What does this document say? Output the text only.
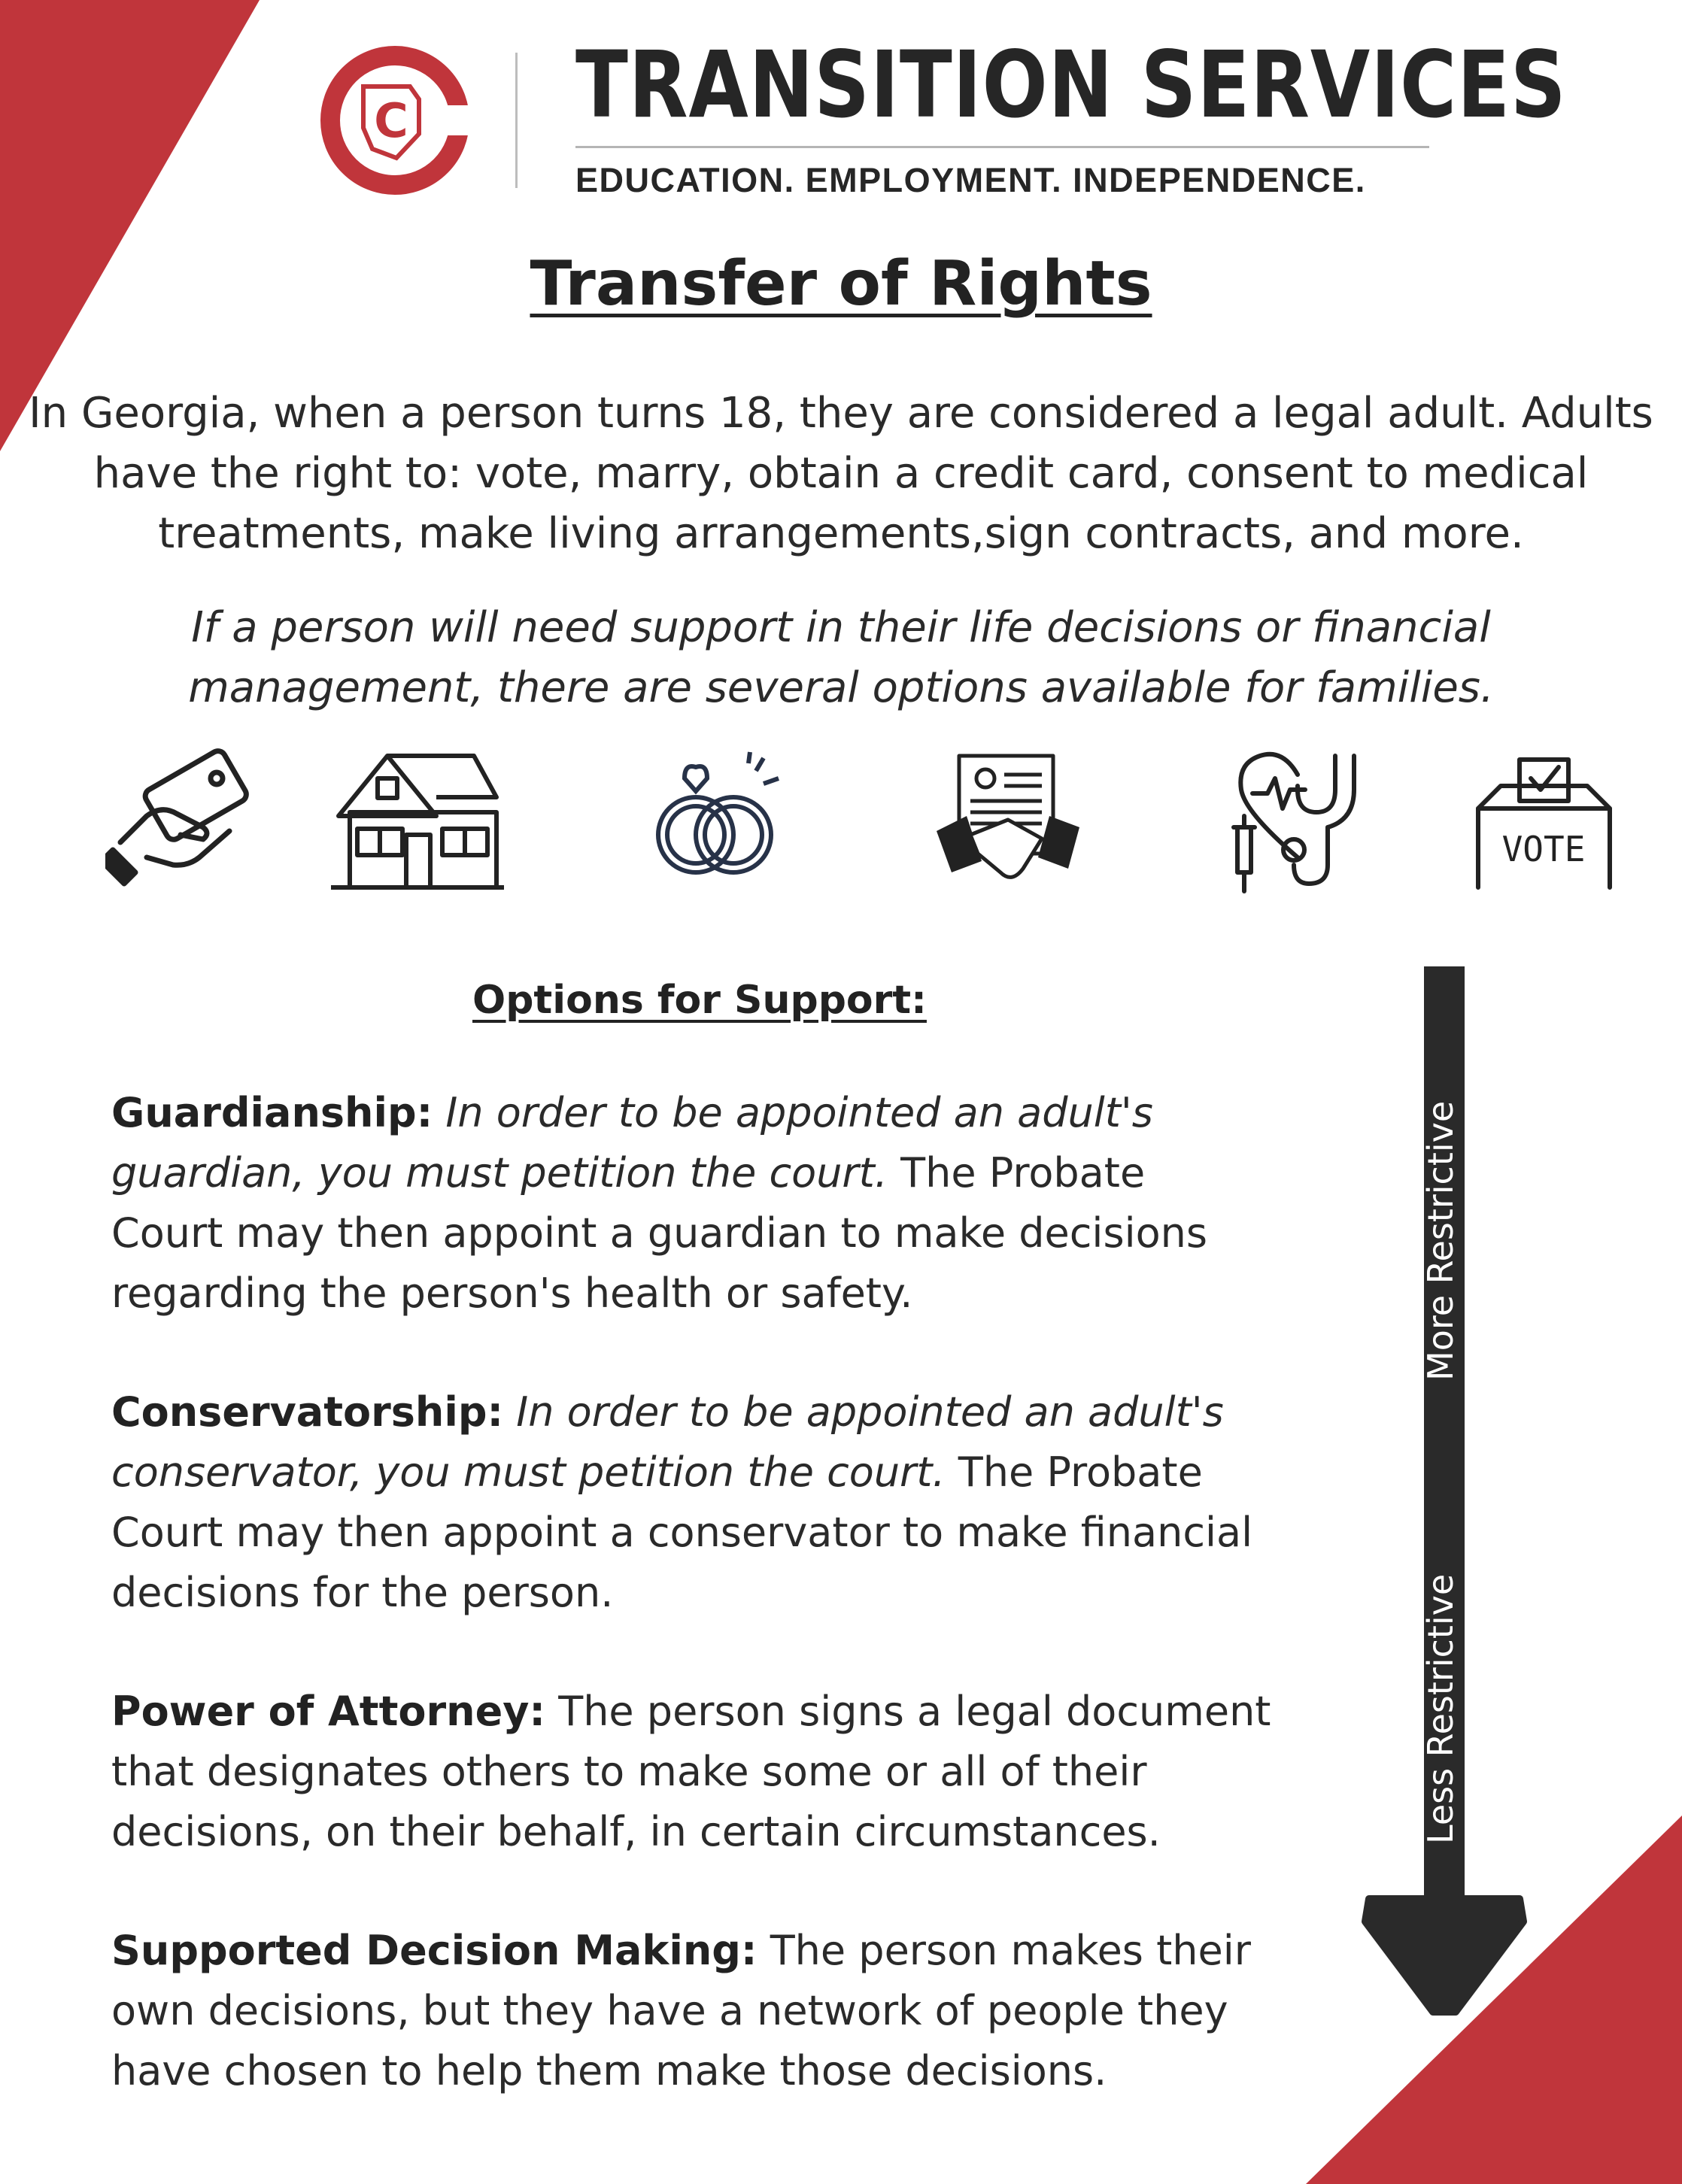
C TRANSITION SERVICES
EDUCATION. EMPLOYMENT. INDEPENDENCE.
Transfer of Rights
In Georgia, when a person turns 18, they are considered a legal adult. Adults
have the right to: vote, marry, obtain a credit card, consent to medical
treatments, make living arrangements,sign contracts, and more.
If a person will need support in their life decisions or financial
management, there are several options available for families.
VOTE
Options for Support:
Guardianship: In order to be appointed an adult's
guardian, you must petition the court. The Probate
Court may then appoint a guardian to make decisions
regarding the person's health or safety.
Conservatorship: In order to be appointed an adult's
conservator, you must petition the court. The Probate
Court may then appoint a conservator to make financial
decisions for the person.
Power of Attorney: The person signs a legal document
that designates others to make some or all of their
decisions, on their behalf, in certain circumstances.
Supported Decision Making: The person makes their
own decisions, but they have a network of people they
have chosen to help them make those decisions.
More Restrictive
Less Restrictive
